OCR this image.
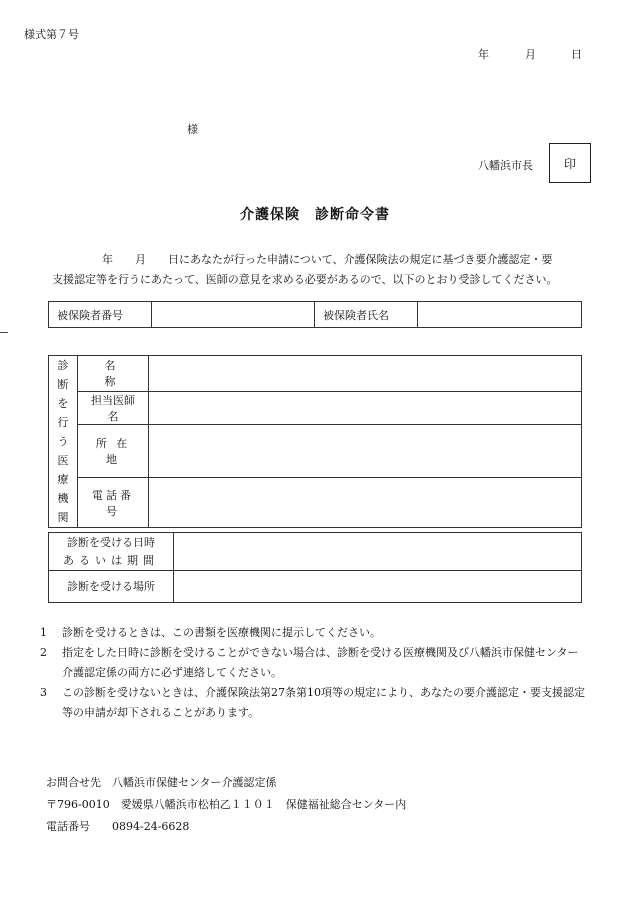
様式第７号
年	月	日
様
八幡浜市長	印
介護保険　診断命令書

年　　月　　日にあなたが行った申請について、介護保険法の規定に基づき要介護認定・要

支援認定等を行うにあたって、医師の意見を求める必要があるので、以下のとおり受診してください。

被保険者番号		被保険者氏名	
診断を行う医療機関	名　　称	
	担当医師名	
	所 在 地	
	電話番号	
診断を受ける日時
あるいは期間	

診断を受ける場所	
1	診断を受けるときは、この書類を医療機関に提示してください。
2	指定をした日時に診断を受けることができない場合は、診断を受ける医療機関及び八幡浜市保健センター介護認定係の両方に必ず連絡してください。
3	この診断を受けないときは、介護保険法第27条第10項等の規定により、あなたの要介護認定・要支援認定等の申請が却下されることがあります。
お問合せ先　八幡浜市保健センター介護認定係
〒796-0010　愛媛県八幡浜市松柏乙１１０１　保健福祉総合センター内
電話番号　　0894-24-6628
